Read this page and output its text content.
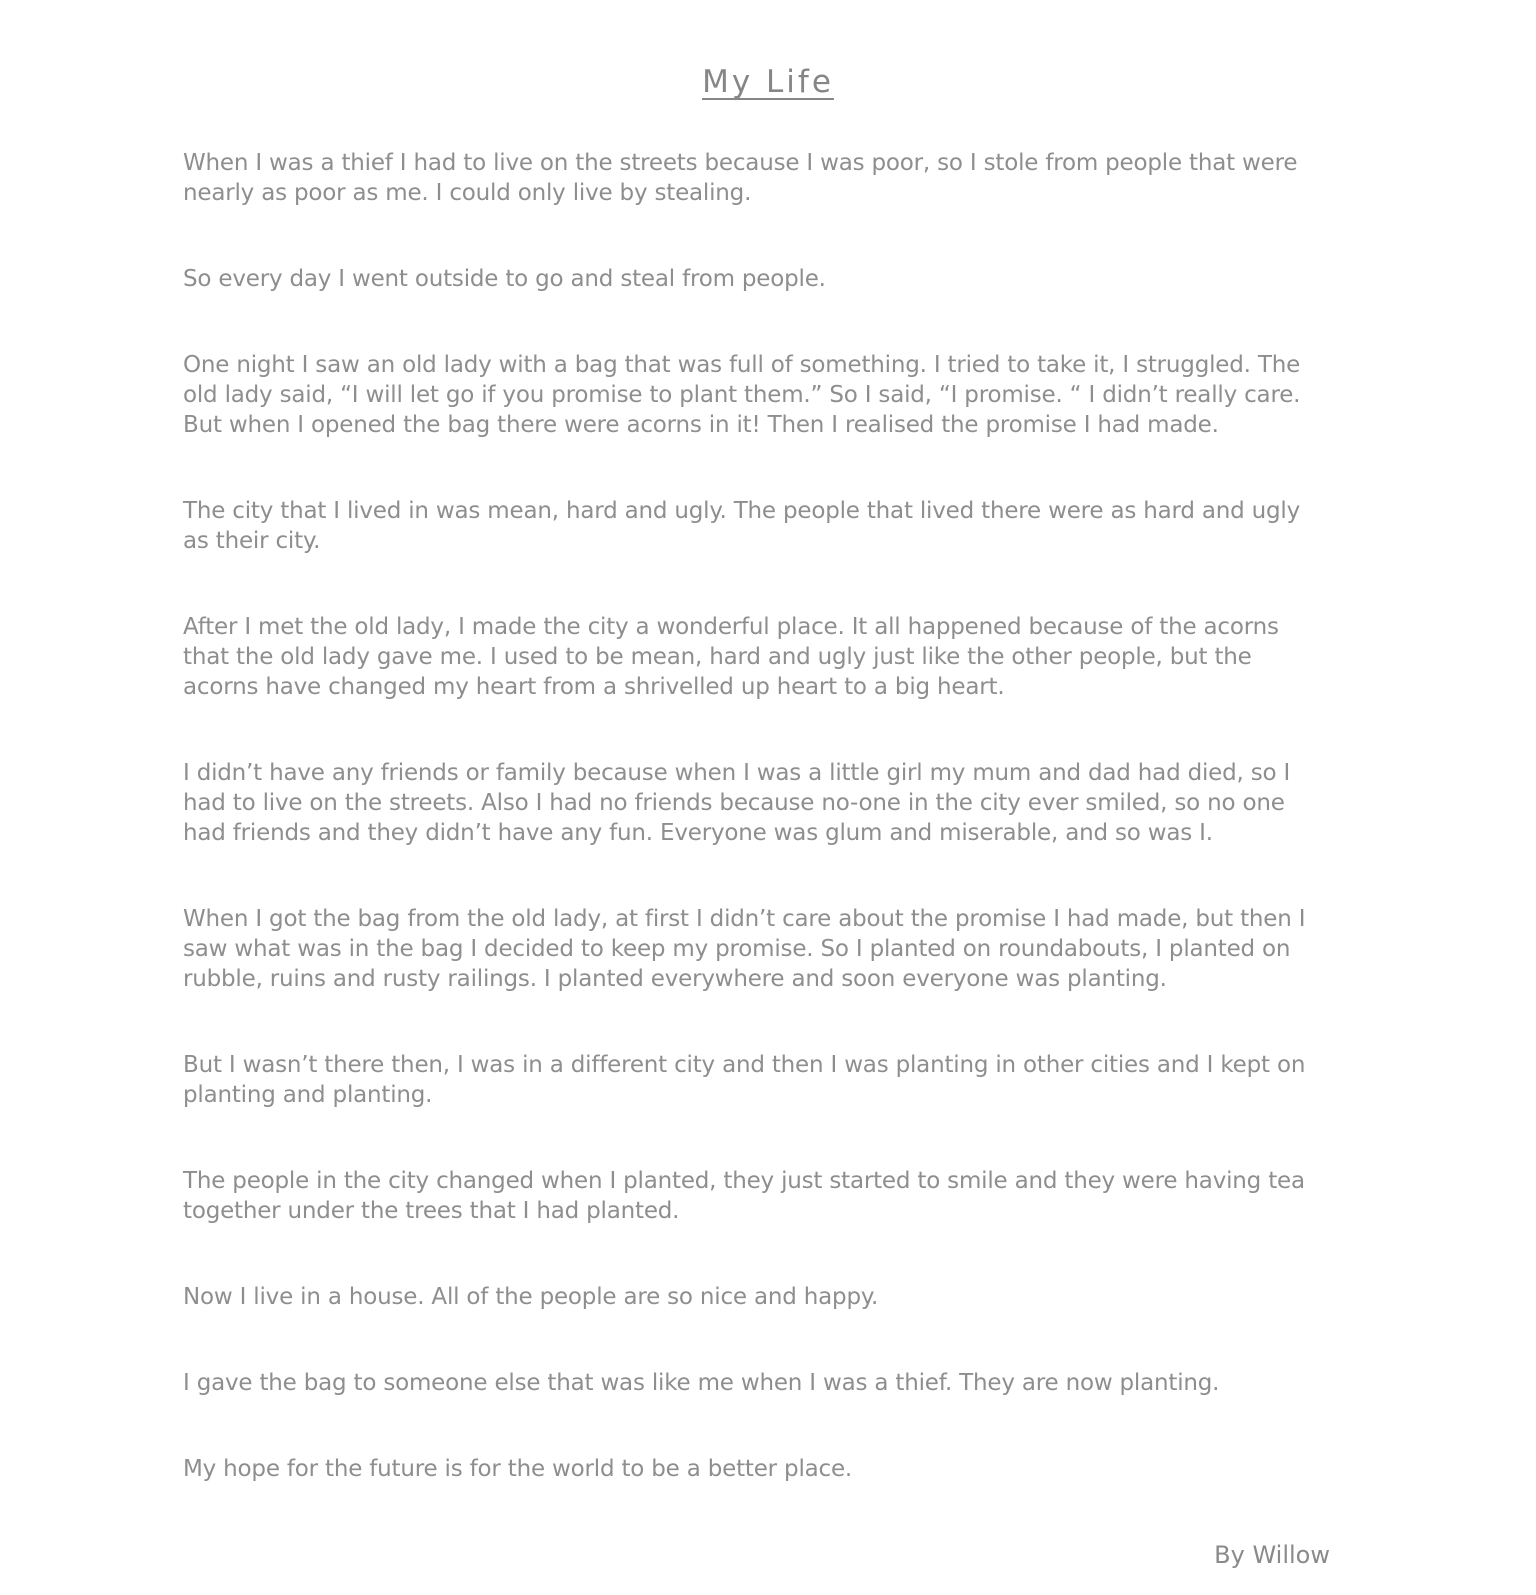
My Life

When I was a thief I had to live on the streets because I was poor, so I stole from people that were nearly as poor as me. I could only live by stealing.

So every day I went outside to go and steal from people.

One night I saw an old lady with a bag that was full of something. I tried to take it, I struggled. The old lady said, “I will let go if you promise to plant them.” So I said, “I promise. “ I didn’t really care. But when I opened the bag there were acorns in it! Then I realised the promise I had made.

The city that I lived in was mean, hard and ugly. The people that lived there were as hard and ugly as their city.

After I met the old lady, I made the city a wonderful place. It all happened because of the acorns that the old lady gave me. I used to be mean, hard and ugly just like the other people, but the acorns have changed my heart from a shrivelled up heart to a big heart.

I didn’t have any friends or family because when I was a little girl my mum and dad had died, so I had to live on the streets. Also I had no friends because no-one in the city ever smiled, so no one had friends and they didn’t have any fun. Everyone was glum and miserable, and so was I.

When I got the bag from the old lady, at first I didn’t care about the promise I had made, but then I saw what was in the bag I decided to keep my promise. So I planted on roundabouts, I planted on rubble, ruins and rusty railings. I planted everywhere and soon everyone was planting.

But I wasn’t there then, I was in a different city and then I was planting in other cities and I kept on planting and planting.

The people in the city changed when I planted, they just started to smile and they were having tea together under the trees that I had planted.

Now I live in a house. All of the people are so nice and happy.

I gave the bag to someone else that was like me when I was a thief. They are now planting.

My hope for the future is for the world to be a better place.

By Willow
